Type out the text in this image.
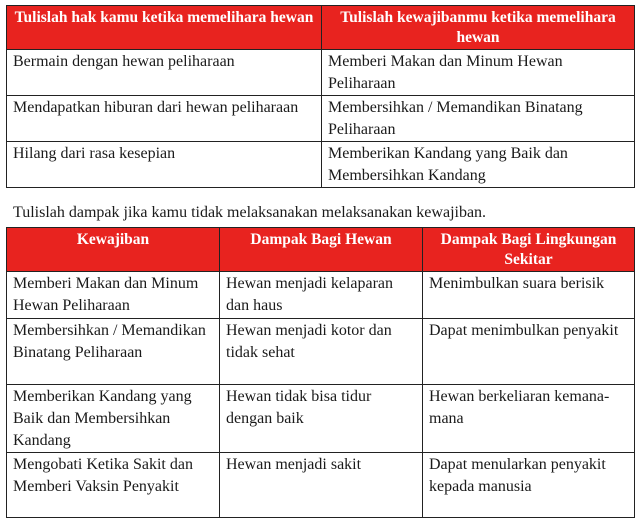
Tulislah hak kamu ketika memelihara hewan	Tulislah kewajibanmu ketika memelihara hewan
Bermain dengan hewan peliharaan	Memberi Makan dan Minum Hewan Peliharaan
Mendapatkan hiburan dari hewan peliharaan	Membersihkan / Memandikan Binatang Peliharaan
Hilang dari rasa kesepian	Memberikan Kandang yang Baik dan Membersihkan Kandang
Tulislah dampak jika kamu tidak melaksanakan melaksanakan kewajiban.
Kewajiban	Dampak Bagi Hewan	Dampak Bagi Lingkungan Sekitar
Memberi Makan dan Minum Hewan Peliharaan	Hewan menjadi kelaparan dan haus	Menimbulkan suara berisik
Membersihkan / Memandikan Binatang Peliharaan	Hewan menjadi kotor dan tidak sehat	Dapat menimbulkan penyakit
Memberikan Kandang yang Baik dan Membersihkan Kandang	Hewan tidak bisa tidur dengan baik	Hewan berkeliaran kemana-mana
Mengobati Ketika Sakit dan Memberi Vaksin Penyakit	Hewan menjadi sakit	Dapat menularkan penyakit kepada manusia
